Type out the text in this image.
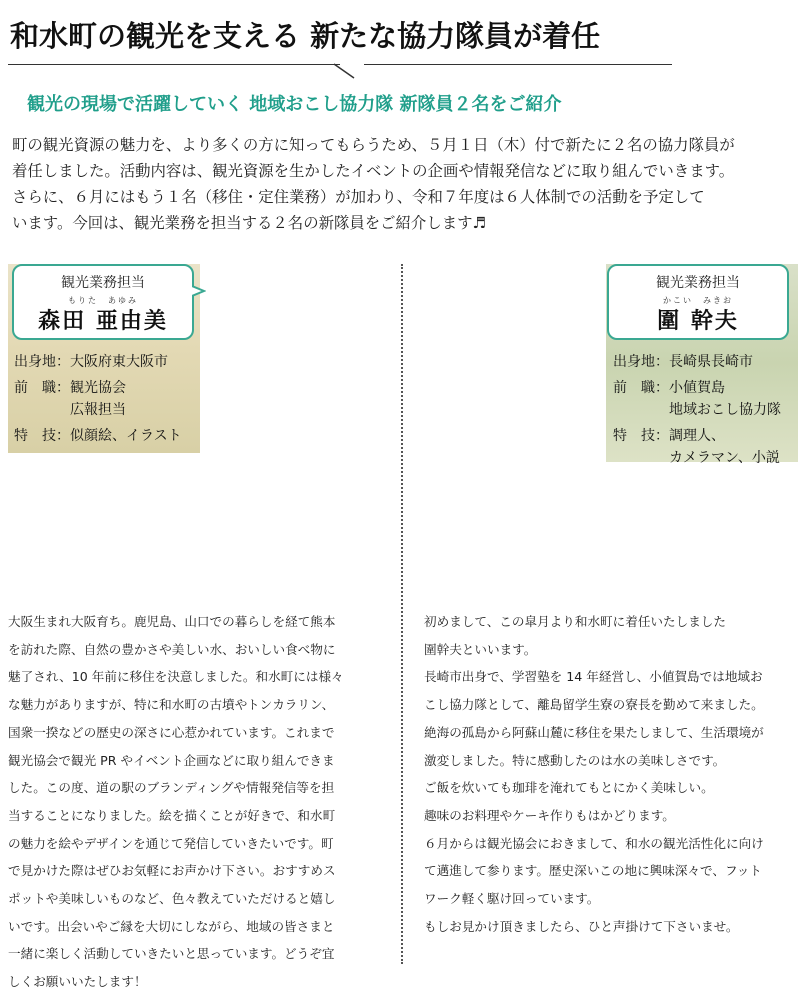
和水町の観光を支える 新たな協力隊員が着任
観光の現場で活躍していく 地域おこし協力隊 新隊員２名をご紹介

町の観光資源の魅力を、より多くの方に知ってもらうため、５月１日（木）付で新たに２名の協力隊員が

着任しました。活動内容は、観光資源を生かしたイベントの企画や情報発信などに取り組んでいきます。

さらに、６月にはもう１名（移住・定住業務）が加わり、令和７年度は６人体制での活動を予定して

います。今回は、観光業務を担当する２名の新隊員をご紹介します♬

観光業務担当
もりた　あゆみ
森田 亜由美
出身地： 大阪府東大阪市
前　職： 観光協会
広報担当
特　技： 似顔絵、イラスト
観光業務担当
かこい　みきお
圍 幹夫
出身地： 長崎県長崎市
前　職： 小値賀島
地域おこし協力隊
特　技： 調理人、
カメラマン、小説

大阪生まれ大阪育ち。鹿児島、山口での暮らしを経て熊本

を訪れた際、自然の豊かさや美しい水、おいしい食べ物に

魅了され、10 年前に移住を決意しました。和水町には様々

な魅力がありますが、特に和水町の古墳やトンカラリン、

国衆一揆などの歴史の深さに心惹かれています。これまで

観光協会で観光 PR やイベント企画などに取り組んできま

した。この度、道の駅のブランディングや情報発信等を担

当することになりました。絵を描くことが好きで、和水町

の魅力を絵やデザインを通じて発信していきたいです。町

で見かけた際はぜひお気軽にお声かけ下さい。おすすめス

ポットや美味しいものなど、色々教えていただけると嬉し

いです。出会いやご縁を大切にしながら、地域の皆さまと

一緒に楽しく活動していきたいと思っています。どうぞ宜

しくお願いいたします！

初めまして、この皐月より和水町に着任いたしました

圍幹夫といいます。

長崎市出身で、学習塾を 14 年経営し、小値賀島では地域お

こし協力隊として、離島留学生寮の寮長を勤めて来ました。

絶海の孤島から阿蘇山麓に移住を果たしまして、生活環境が

激変しました。特に感動したのは水の美味しさです。

ご飯を炊いても珈琲を淹れてもとにかく美味しい。

趣味のお料理やケーキ作りもはかどります。

６月からは観光協会におきまして、和水の観光活性化に向け

て邁進して参ります。歴史深いこの地に興味深々で、フット

ワーク軽く駆け回っています。

もしお見かけ頂きましたら、ひと声掛けて下さいませ。
